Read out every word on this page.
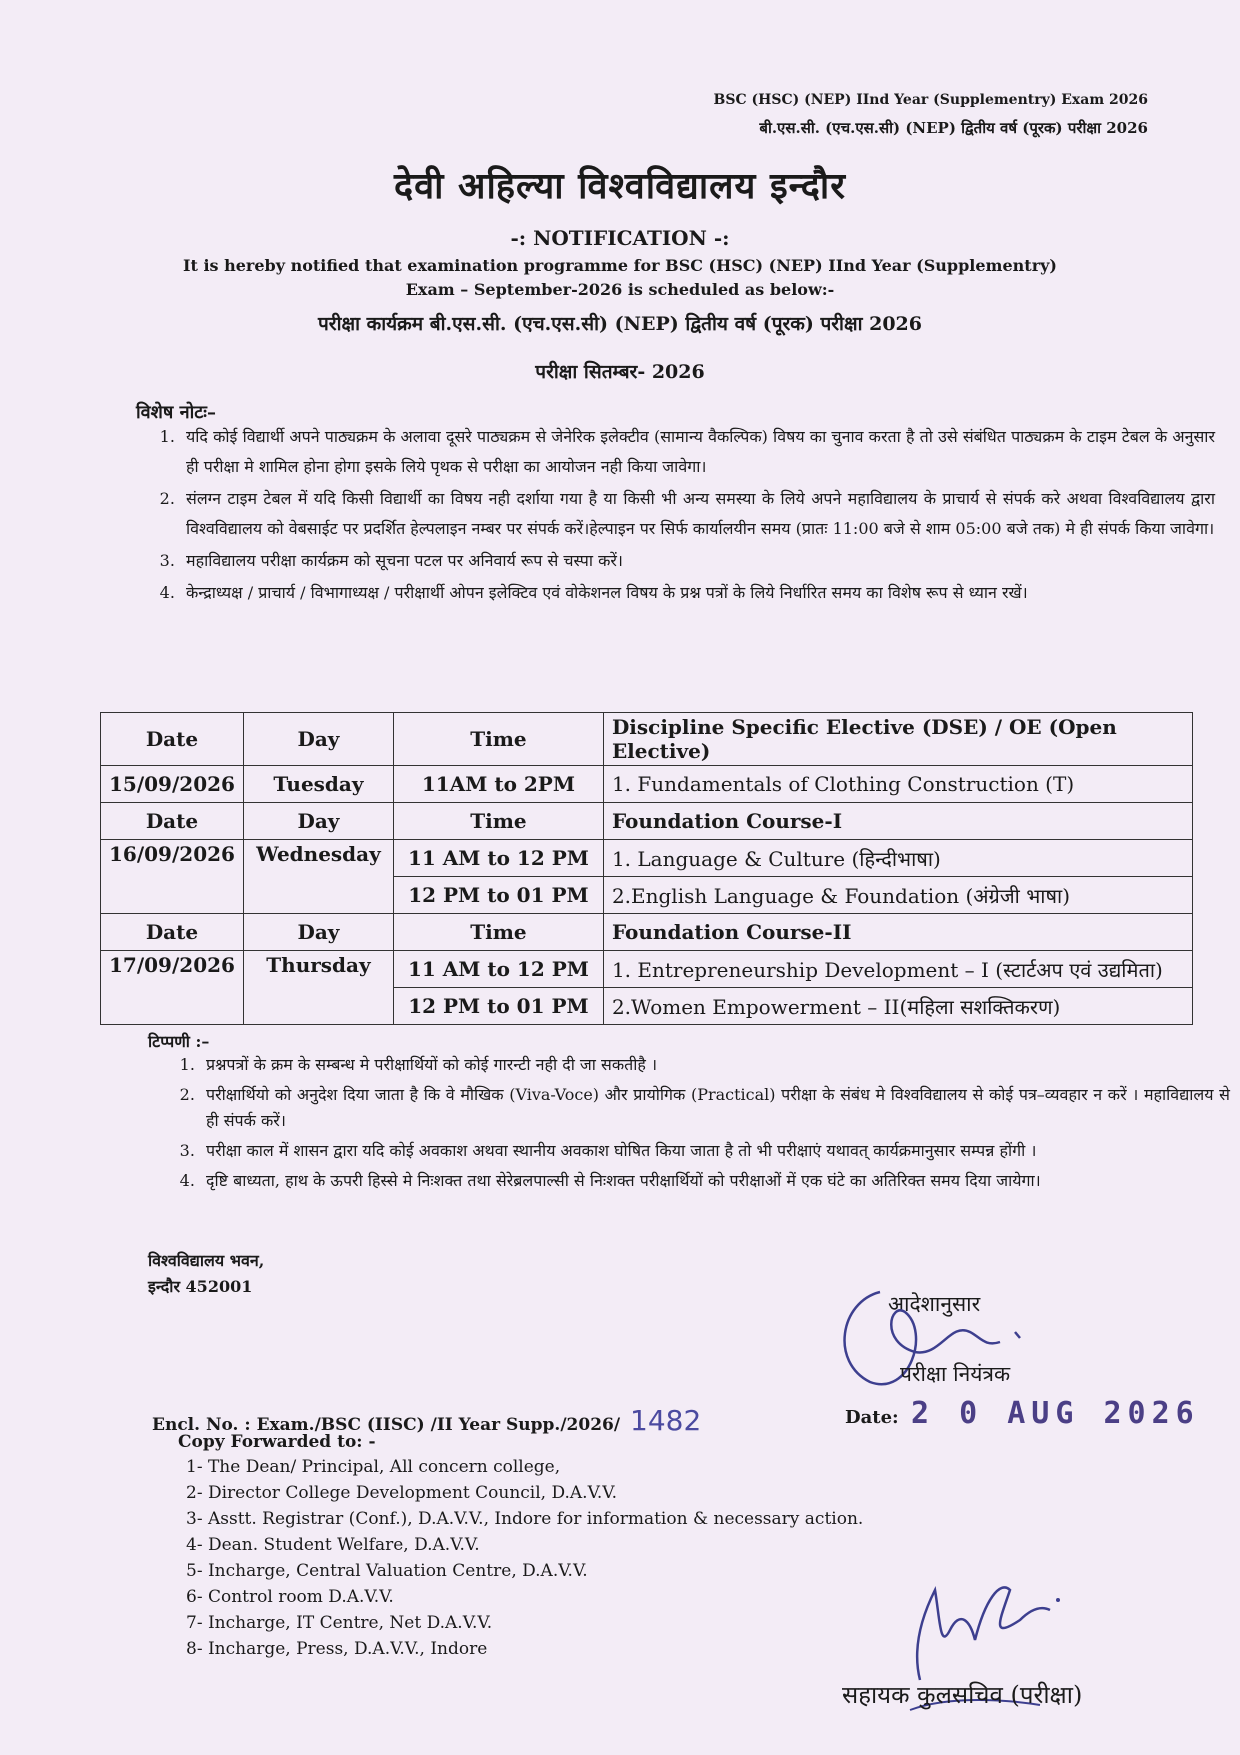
BSC (HSC) (NEP) IInd Year (Supplementry) Exam 2026
बी.एस.सी. (एच.एस.सी) (NEP) द्वितीय वर्ष (पूरक) परीक्षा 2026
देवी अहिल्या विश्वविद्यालय इन्दौर
-: NOTIFICATION -:
It is hereby notified that examination programme for BSC (HSC) (NEP) IInd Year (Supplementry)
Exam – September-2026 is scheduled as below:-
परीक्षा कार्यक्रम बी.एस.सी. (एच.एस.सी) (NEP) द्वितीय वर्ष (पूरक) परीक्षा 2026
परीक्षा सितम्बर- 2026
विशेष नोटः–
1. यदि कोई विद्यार्थी अपने पाठ्यक्रम के अलावा दूसरे पाठ्यक्रम से जेनेरिक इलेक्टीव (सामान्य वैकल्पिक) विषय का चुनाव करता है तो उसे संबंधित पाठ्यक्रम के टाइम टेबल के अनुसार ही परीक्षा मे शामिल होना होगा इसके लिये पृथक से परीक्षा का आयोजन नही किया जावेगा।
2. संलग्न टाइम टेबल में यदि किसी विद्यार्थी का विषय नही दर्शाया गया है या किसी भी अन्य समस्या के लिये अपने महाविद्यालय के प्राचार्य से संपर्क करे अथवा विश्वविद्यालय द्वारा विश्वविद्यालय को वेबसाईट पर प्रदर्शित हेल्पलाइन नम्बर पर संपर्क करें।हेल्पाइन पर सिर्फ कार्यालयीन समय (प्रातः 11:00 बजे से शाम 05:00 बजे तक) मे ही संपर्क किया जावेगा।
3. महाविद्यालय परीक्षा कार्यक्रम को सूचना पटल पर अनिवार्य रूप से चस्पा करें।
4. केन्द्राध्यक्ष / प्राचार्य / विभागाध्यक्ष / परीक्षार्थी ओपन इलेक्टिव एवं वोकेशनल विषय के प्रश्न पत्रों के लिये निर्धारित समय का विशेष रूप से ध्यान रखें।
Date	Day	Time	Discipline Specific Elective (DSE) / OE (Open Elective)
15/09/2026	Tuesday	11AM to 2PM	1. Fundamentals of Clothing Construction (T)
Date	Day	Time	Foundation Course-I
16/09/2026	Wednesday	11 AM to 12 PM	1. Language & Culture (हिन्दीभाषा)
		12 PM to 01 PM	2.English Language & Foundation (अंग्रेजी भाषा)
Date	Day	Time	Foundation Course-II
17/09/2026	Thursday	11 AM to 12 PM	1. Entrepreneurship Development – I (स्टार्टअप एवं उद्यमिता)
		12 PM to 01 PM	2.Women Empowerment – II(महिला सशक्तिकरण)
टिप्पणी :–
1. प्रश्नपत्रों के क्रम के सम्बन्ध मे परीक्षार्थियों को कोई गारन्टी नही दी जा सकतीहै ।
2. परीक्षार्थियो को अनुदेश दिया जाता है कि वे मौखिक (Viva-Voce) और प्रायोगिक (Practical) परीक्षा के संबंध मे विश्वविद्यालय से कोई पत्र–व्यवहार न करें । महाविद्यालय से ही संपर्क करें।
3. परीक्षा काल में शासन द्वारा यदि कोई अवकाश अथवा स्थानीय अवकाश घोषित किया जाता है तो भी परीक्षाएं यथावत् कार्यक्रमानुसार सम्पन्न होंगी ।
4. दृष्टि बाध्यता, हाथ के ऊपरी हिस्से मे निःशक्त तथा सेरेब्रलपाल्सी से निःशक्त परीक्षार्थियों को परीक्षाओं में एक घंटे का अतिरिक्त समय दिया जायेगा।
विश्वविद्यालय भवन,
इन्दौर 452001
आदेशानुसार
परीक्षा नियंत्रक
Date: 2 0 AUG 2026
Encl. No. : Exam./BSC (IISC) /II Year Supp./2026/ 1482
Copy Forwarded to: -
1- The Dean/ Principal, All concern college,
2- Director College Development Council, D.A.V.V.
3- Asstt. Registrar (Conf.), D.A.V.V., Indore for information & necessary action.
4- Dean. Student Welfare, D.A.V.V.
5- Incharge, Central Valuation Centre, D.A.V.V.
6- Control room D.A.V.V.
7- Incharge, IT Centre, Net D.A.V.V.
8- Incharge, Press, D.A.V.V., Indore
सहायक कुलसचिव (परीक्षा)
